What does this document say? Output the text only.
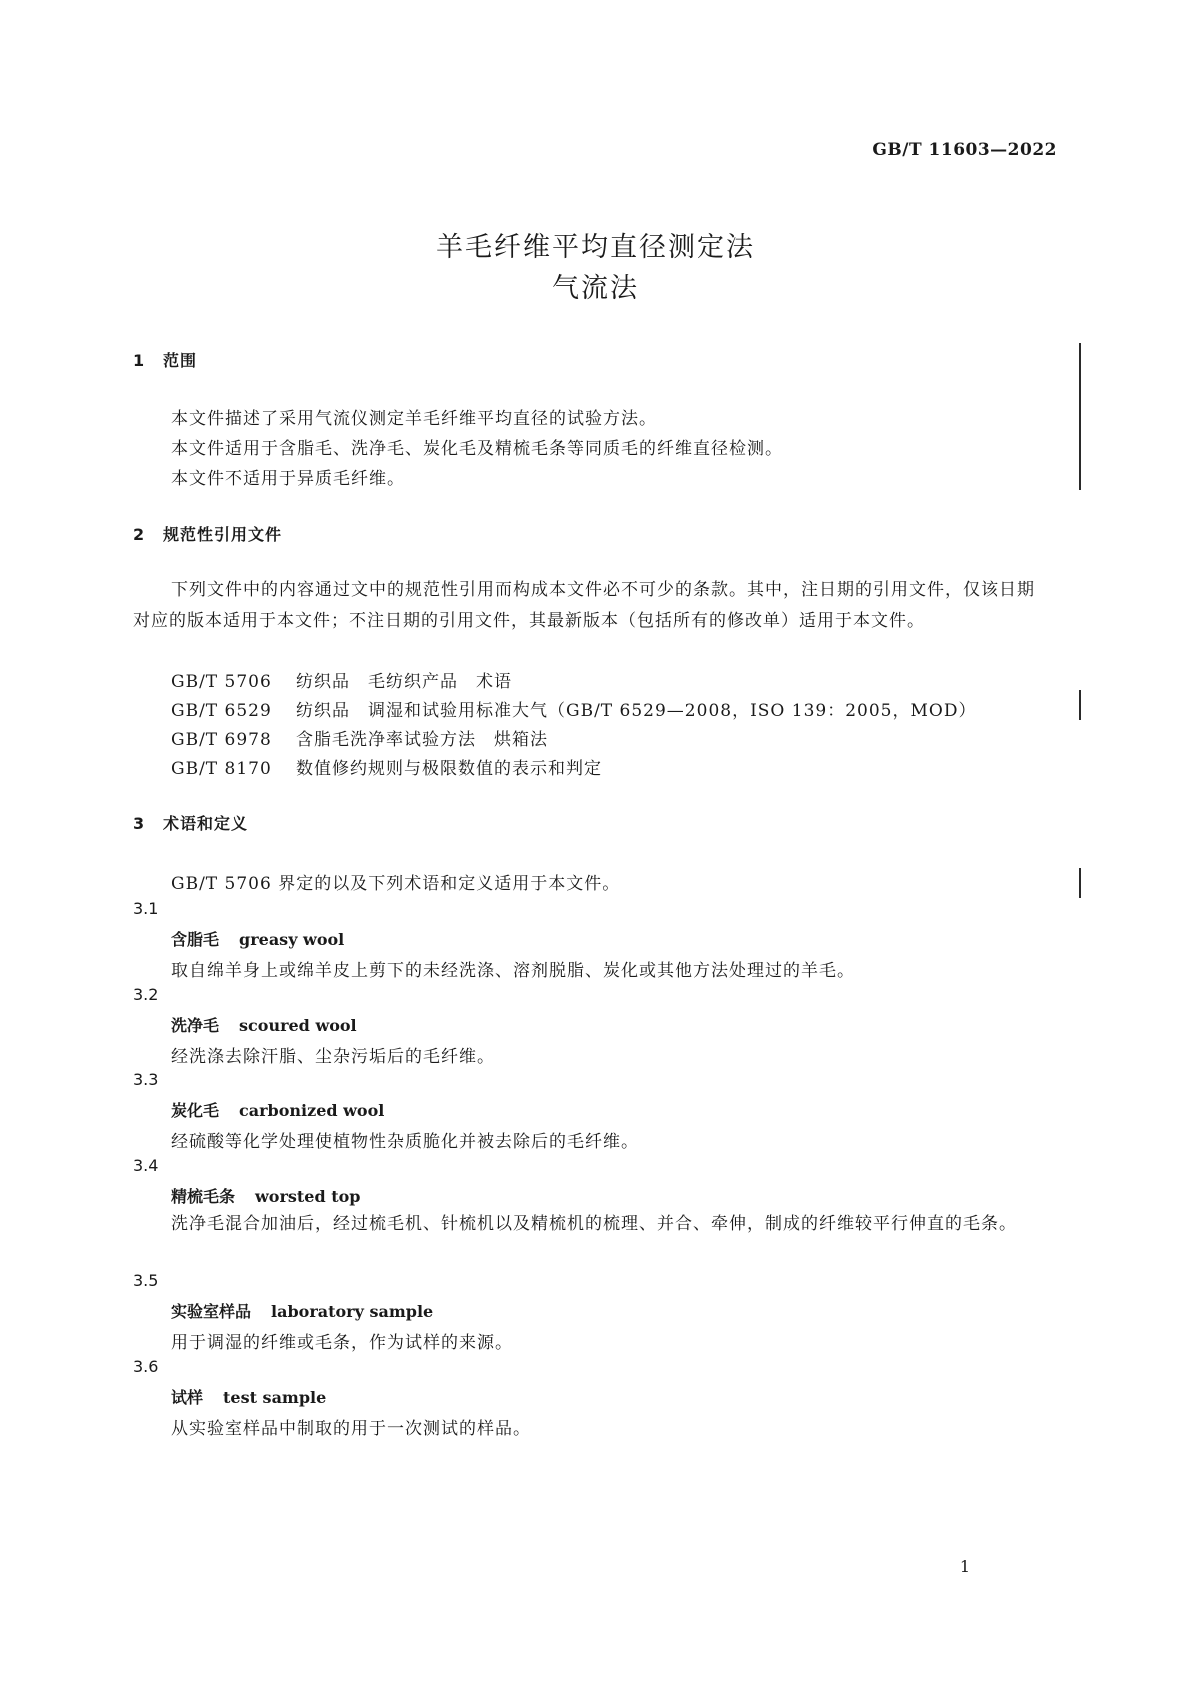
GB/T 11603—2022
羊毛纤维平均直径测定法
气流法
1 范围
本文件描述了采用气流仪测定羊毛纤维平均直径的试验方法。
本文件适用于含脂毛、洗净毛、炭化毛及精梳毛条等同质毛的纤维直径检测。
本文件不适用于异质毛纤维。
2 规范性引用文件
下列文件中的内容通过文中的规范性引用而构成本文件必不可少的条款。其中，注日期的引用文件，仅该日期对应的版本适用于本文件；不注日期的引用文件，其最新版本（包括所有的修改单）适用于本文件。
GB/T 5706 纺织品　毛纺织产品　术语
GB/T 6529 纺织品　调湿和试验用标准大气（GB/T 6529—2008，ISO 139：2005，MOD）
GB/T 6978 含脂毛洗净率试验方法　烘箱法
GB/T 8170 数值修约规则与极限数值的表示和判定
3 术语和定义
GB/T 5706 界定的以及下列术语和定义适用于本文件。
3.1
含脂毛 greasy wool
取自绵羊身上或绵羊皮上剪下的未经洗涤、溶剂脱脂、炭化或其他方法处理过的羊毛。
3.2
洗净毛 scoured wool
经洗涤去除汗脂、尘杂污垢后的毛纤维。
3.3
炭化毛 carbonized wool
经硫酸等化学处理使植物性杂质脆化并被去除后的毛纤维。
3.4
精梳毛条 worsted top
洗净毛混合加油后，经过梳毛机、针梳机以及精梳机的梳理、并合、牵伸，制成的纤维较平行伸直的毛条。
3.5
实验室样品 laboratory sample
用于调湿的纤维或毛条，作为试样的来源。
3.6
试样 test sample
从实验室样品中制取的用于一次测试的样品。
1
